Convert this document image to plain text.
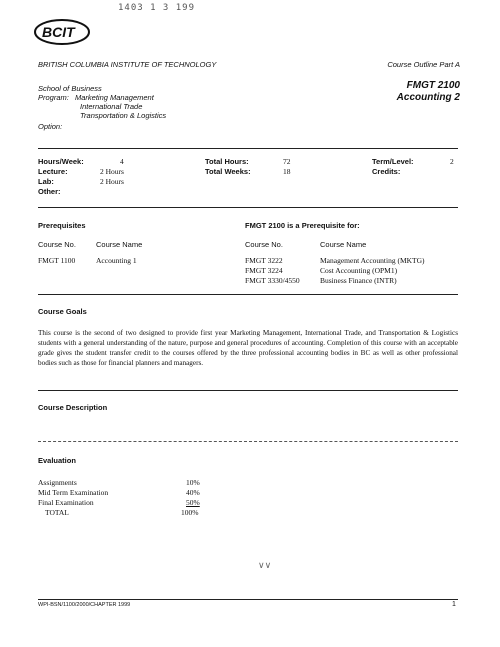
1403 1 3 199
BCIT
BRITISH COLUMBIA INSTITUTE OF TECHNOLOGY	Course Outline Part A
School of Business
Program: Marketing Management
International Trade
Transportation & Logistics
Option:
FMGT 2100
Accounting 2
Hours/Week:	4
Lecture:	2 Hours
Lab:	2 Hours
Other:
Total Hours:	72
Total Weeks:	18
Term/Level:	2
Credits:
Prerequisites	FMGT 2100 is a Prerequisite for:
Course No.	Course Name
FMGT 1100	Accounting 1
Course No.	Course Name
FMGT 3222	Management Accounting (MKTG)
FMGT 3224	Cost Accounting (OPM1)
FMGT 3330/4550	Business Finance (INTR)
Course Goals
This course is the second of two designed to provide first year Marketing Management, International Trade, and Transportation & Logistics students with a general understanding of the nature, purpose and general procedures of accounting. Completion of this course with an acceptable grade gives the student transfer credit to the courses offered by the three professional accounting bodies in BC as well as other professional bodies such as those for financial planners and managers.
Course Description
Evaluation
Assignments	10%
Mid Term Examination	40%
Final Examination	50%
TOTAL	100%
∨∨
WPI-BSN/1100/2000/CHAPTER 1999	1
